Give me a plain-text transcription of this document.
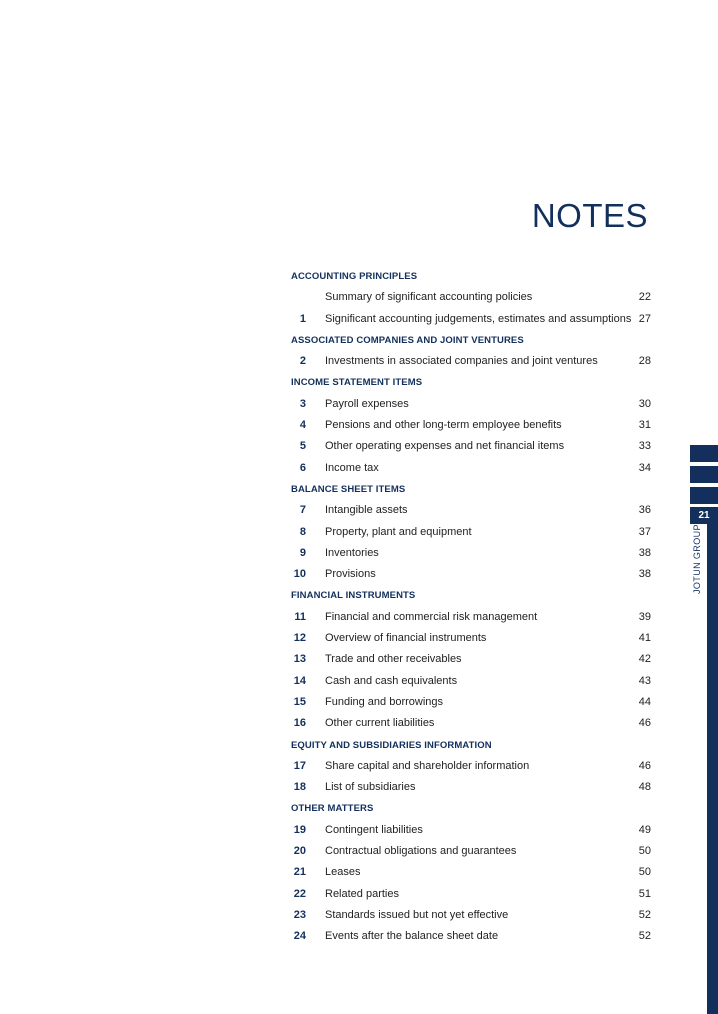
NOTES
ACCOUNTING PRINCIPLES
Summary of significant accounting policies	22
1 Significant accounting judgements, estimates and assumptions 27
ASSOCIATED COMPANIES AND JOINT VENTURES
2 Investments in associated companies and joint ventures	28
INCOME STATEMENT ITEMS
3 Payroll expenses	30
4 Pensions and other long-term employee benefits	31
5 Other operating expenses and net financial items	33
6 Income tax	34
BALANCE SHEET ITEMS
7 Intangible assets	36
8 Property, plant and equipment	37
9 Inventories	38
10 Provisions	38
FINANCIAL INSTRUMENTS
11 Financial and commercial risk management	39
12 Overview of financial instruments	41
13 Trade and other receivables	42
14 Cash and cash equivalents	43
15 Funding and borrowings	44
16 Other current liabilities	46
EQUITY AND SUBSIDIARIES INFORMATION
17 Share capital and shareholder information	46
18 List of subsidiaries	48
OTHER MATTERS
19 Contingent liabilities	49
20 Contractual obligations and guarantees	50
21 Leases	50
22 Related parties	51
23 Standards issued but not yet effective	52
24 Events after the balance sheet date	52
21
JOTUN GROUP
